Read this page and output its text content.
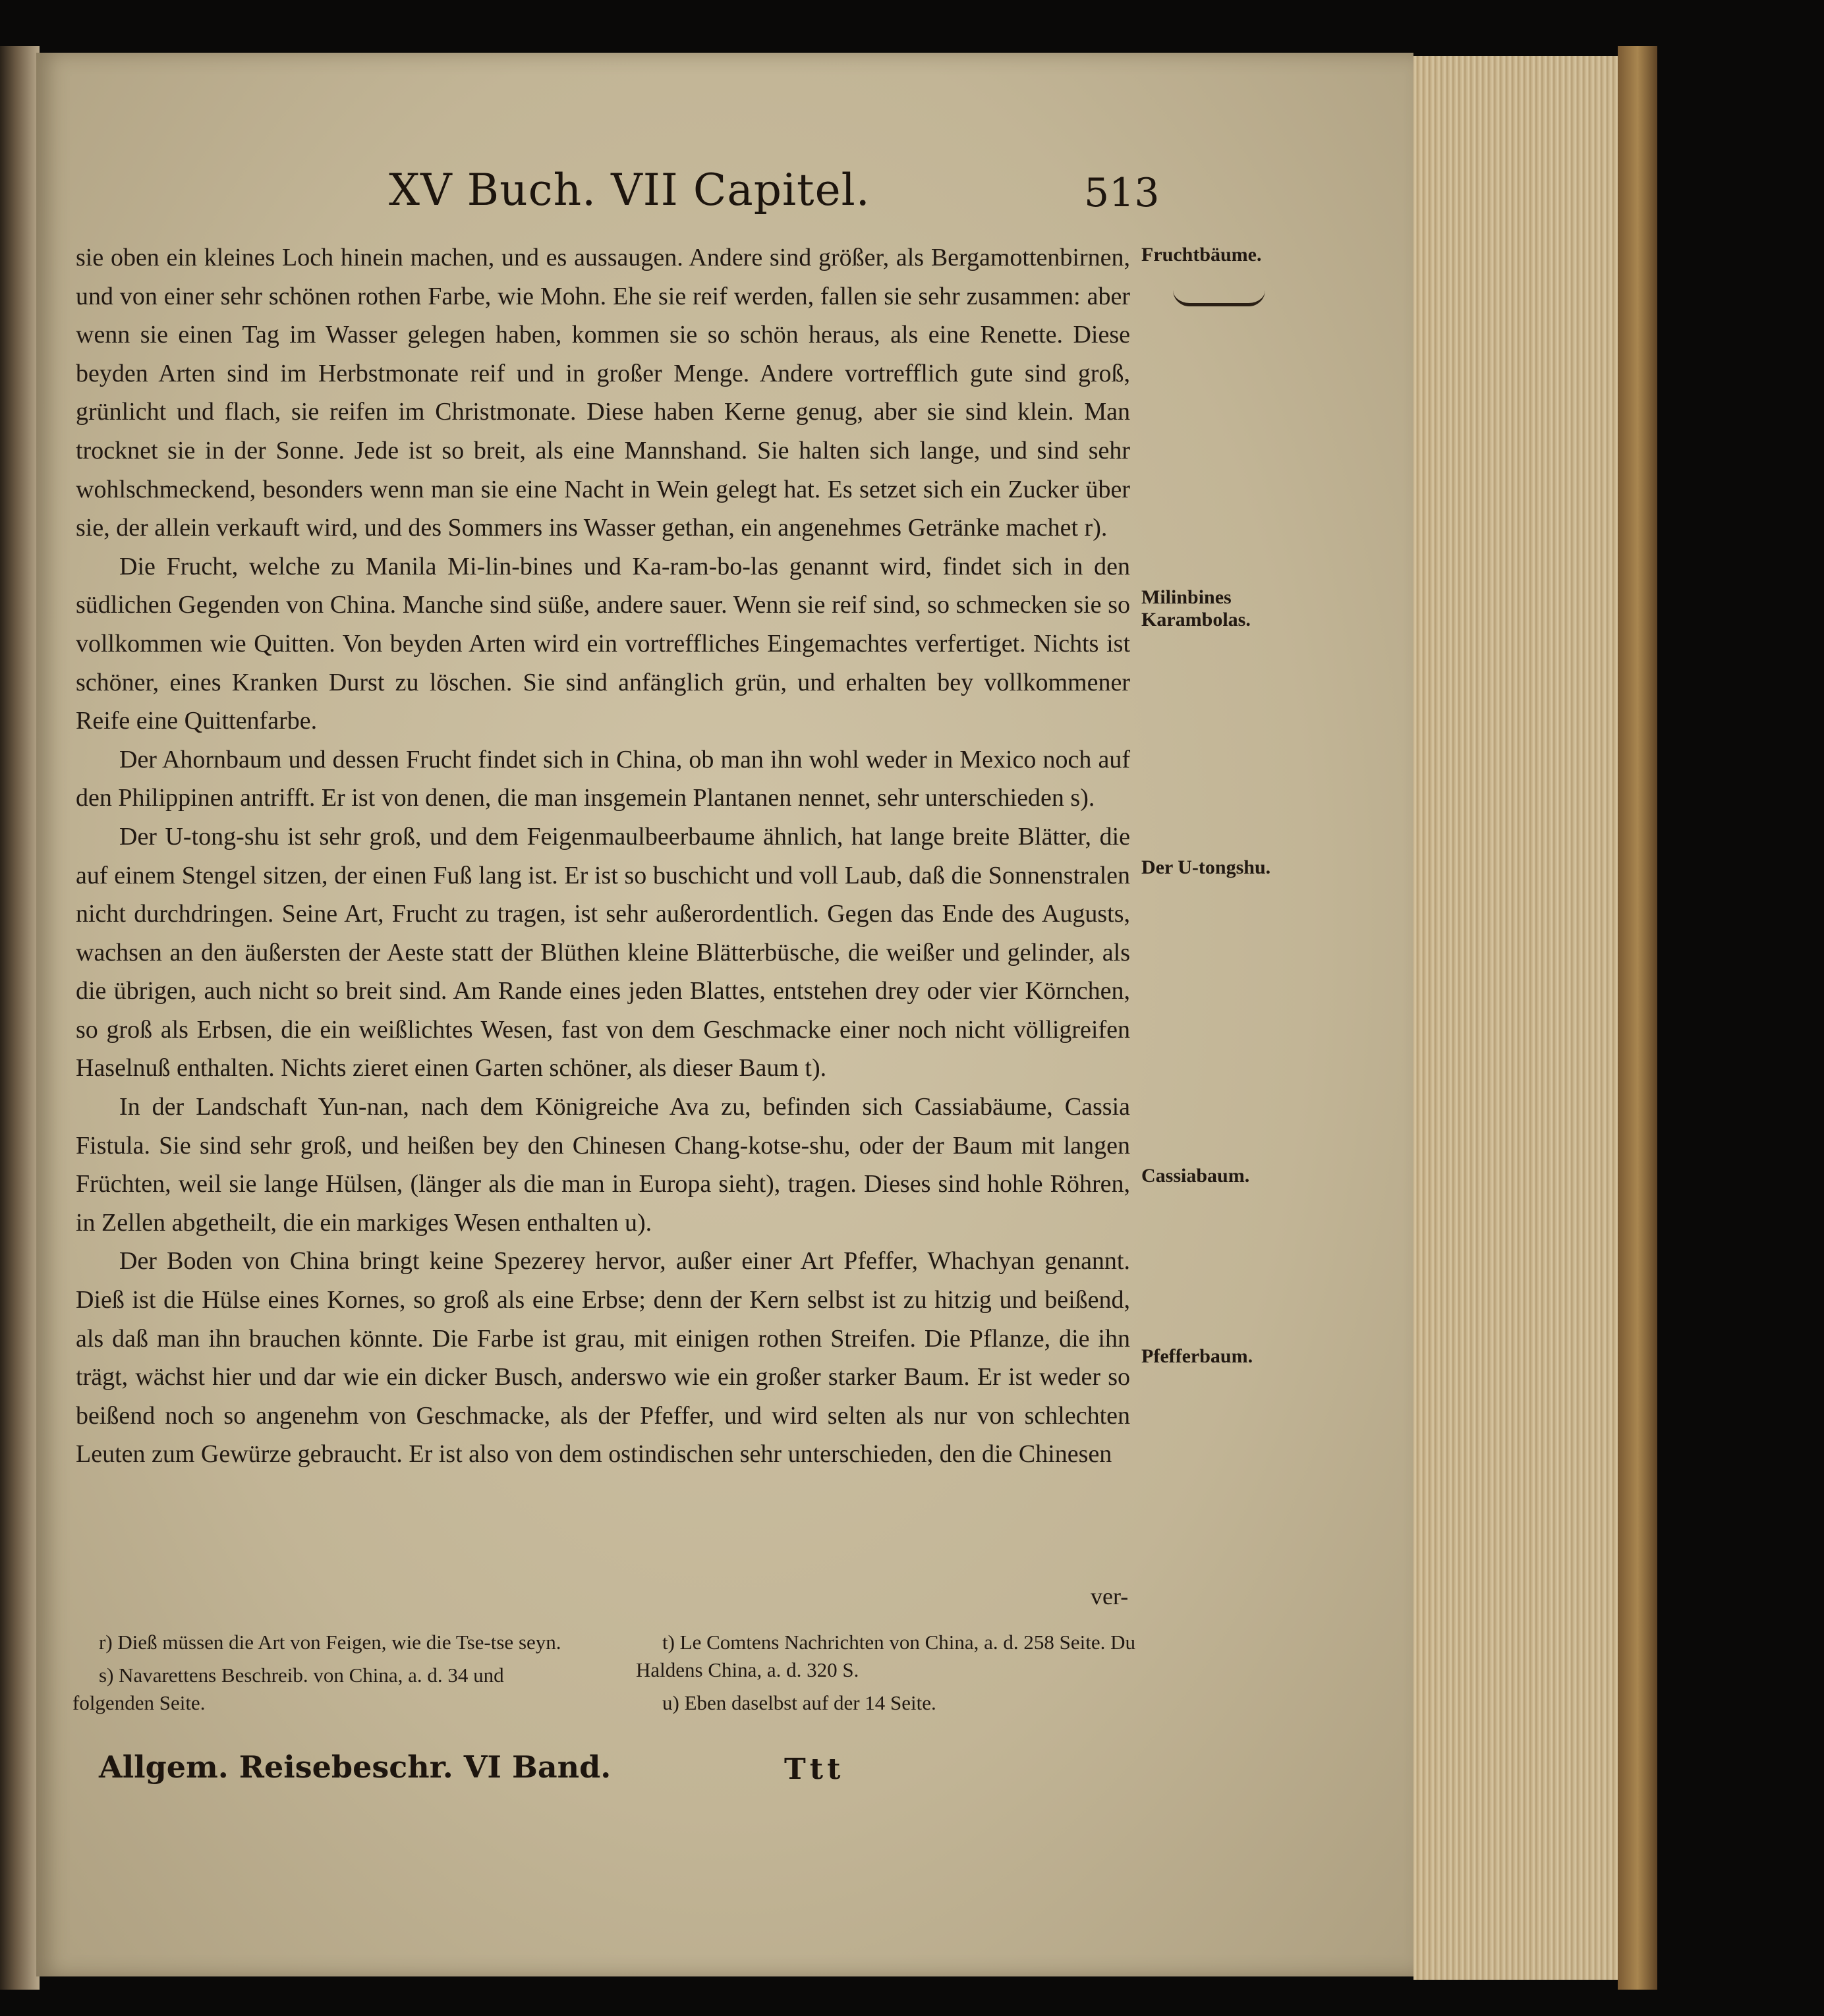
XV Buch. VII Capitel.	513

sie oben ein kleines Loch hinein machen, und es aussaugen. Andere sind größer, als Bergamottenbirnen, und von einer sehr schönen rothen Farbe, wie Mohn. Ehe sie reif werden, fallen sie sehr zusammen: aber wenn sie einen Tag im Wasser gelegen haben, kommen sie so schön heraus, als eine Renette. Diese beyden Arten sind im Herbstmonate reif und in großer Menge. Andere vortrefflich gute sind groß, grünlicht und flach, sie reifen im Christmonate. Diese haben Kerne genug, aber sie sind klein. Man trocknet sie in der Sonne. Jede ist so breit, als eine Mannshand. Sie halten sich lange, und sind sehr wohlschmeckend, besonders wenn man sie eine Nacht in Wein gelegt hat. Es setzet sich ein Zucker über sie, der allein verkauft wird, und des Sommers ins Wasser gethan, ein angenehmes Getränke machet r).

Die Frucht, welche zu Manila Mi-lin-bines und Ka-ram-bo-las genannt wird, findet sich in den südlichen Gegenden von China. Manche sind süße, andere sauer. Wenn sie reif sind, so schmecken sie so vollkommen wie Quitten. Von beyden Arten wird ein vortreffliches Eingemachtes verfertiget. Nichts ist schöner, eines Kranken Durst zu löschen. Sie sind anfänglich grün, und erhalten bey vollkommener Reife eine Quittenfarbe.

Der Ahornbaum und dessen Frucht findet sich in China, ob man ihn wohl weder in Mexico noch auf den Philippinen antrifft. Er ist von denen, die man insgemein Plantanen nennet, sehr unterschieden s).

Der U-tong-shu ist sehr groß, und dem Feigenmaulbeerbaume ähnlich, hat lange breite Blätter, die auf einem Stengel sitzen, der einen Fuß lang ist. Er ist so buschicht und voll Laub, daß die Sonnenstralen nicht durchdringen. Seine Art, Frucht zu tragen, ist sehr außerordentlich. Gegen das Ende des Augusts, wachsen an den äußersten der Aeste statt der Blüthen kleine Blätterbüsche, die weißer und gelinder, als die übrigen, auch nicht so breit sind. Am Rande eines jeden Blattes, entstehen drey oder vier Körnchen, so groß als Erbsen, die ein weißlichtes Wesen, fast von dem Geschmacke einer noch nicht völligreifen Haselnuß enthalten. Nichts zieret einen Garten schöner, als dieser Baum t).

In der Landschaft Yun-nan, nach dem Königreiche Ava zu, befinden sich Cassiabäume, Cassia Fistula. Sie sind sehr groß, und heißen bey den Chinesen Chang-kotse-shu, oder der Baum mit langen Früchten, weil sie lange Hülsen, (länger als die man in Europa sieht), tragen. Dieses sind hohle Röhren, in Zellen abgetheilt, die ein markiges Wesen enthalten u).

Der Boden von China bringt keine Spezerey hervor, außer einer Art Pfeffer, Whachyan genannt. Dieß ist die Hülse eines Kornes, so groß als eine Erbse; denn der Kern selbst ist zu hitzig und beißend, als daß man ihn brauchen könnte. Die Farbe ist grau, mit einigen rothen Streifen. Die Pflanze, die ihn trägt, wächst hier und dar wie ein dicker Busch, anderswo wie ein großer starker Baum. Er ist weder so beißend noch so angenehm von Geschmacke, als der Pfeffer, und wird selten als nur von schlechten Leuten zum Gewürze gebraucht. Er ist also von dem ostindischen sehr unterschieden, den die Chinesen

ver-
Fruchtbäume.
Milinbines Karambolas.
Der U-tongshu.
Cassiabaum.
Pfefferbaum.

r) Dieß müssen die Art von Feigen, wie die Tse-tse seyn.

s) Navarettens Beschreib. von China, a. d. 34 und folgenden Seite.

t) Le Comtens Nachrichten von China, a. d. 258 Seite. Du Haldens China, a. d. 320 S.

u) Eben daselbst auf der 14 Seite.

Allgem. Reisebeschr. VI Band.	Ttt
